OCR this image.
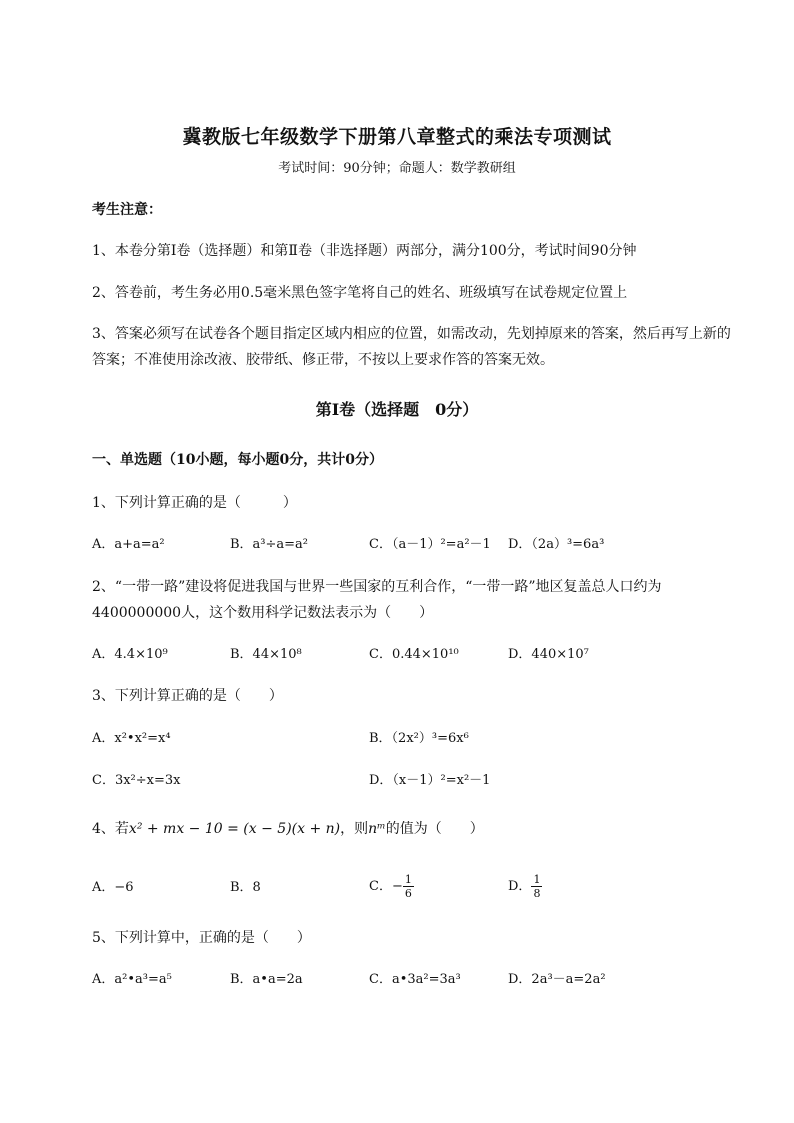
冀教版七年级数学下册第八章整式的乘法专项测试
考试时间：90分钟；命题人：数学教研组
考生注意：
1、本卷分第I卷（选择题）和第Ⅱ卷（非选择题）两部分，满分100分，考试时间90分钟
2、答卷前，考生务必用0.5毫米黑色签字笔将自己的姓名、班级填写在试卷规定位置上
3、答案必须写在试卷各个题目指定区域内相应的位置，如需改动，先划掉原来的答案，然后再写上新的答案；不准使用涂改液、胶带纸、修正带，不按以上要求作答的答案无效。
第I卷（选择题　0分）
一、单选题（10小题，每小题0分，共计0分）
1、下列计算正确的是（　　　）
A．a+a=a²	B．a³÷a=a²	C．（a－1）²=a²－1 D．（2a）³=6a³
2、“一带一路”建设将促进我国与世界一些国家的互利合作，“一带一路”地区复盖总人口约为4400000000人，这个数用科学记数法表示为（　　）
A．4.4×10⁹	B．44×10⁸	C．0.44×10¹⁰	D．440×10⁷
3、下列计算正确的是（　　）
A．x²•x²=x⁴	B．（2x²）³=6x⁶
C．3x²÷x=3x	D．（x－1）²=x²－1
4、若x² + mx − 10 = (x − 5)(x + n)，则nᵐ的值为（　　）
A．−6	B．8	C．− $\frac{1}{6}$	D． $\frac{1}{8}$
5、下列计算中，正确的是（　　）
A．a²•a³=a⁵	B．a•a=2a	C．a•3a²=3a³	D．2a³－a=2a²
